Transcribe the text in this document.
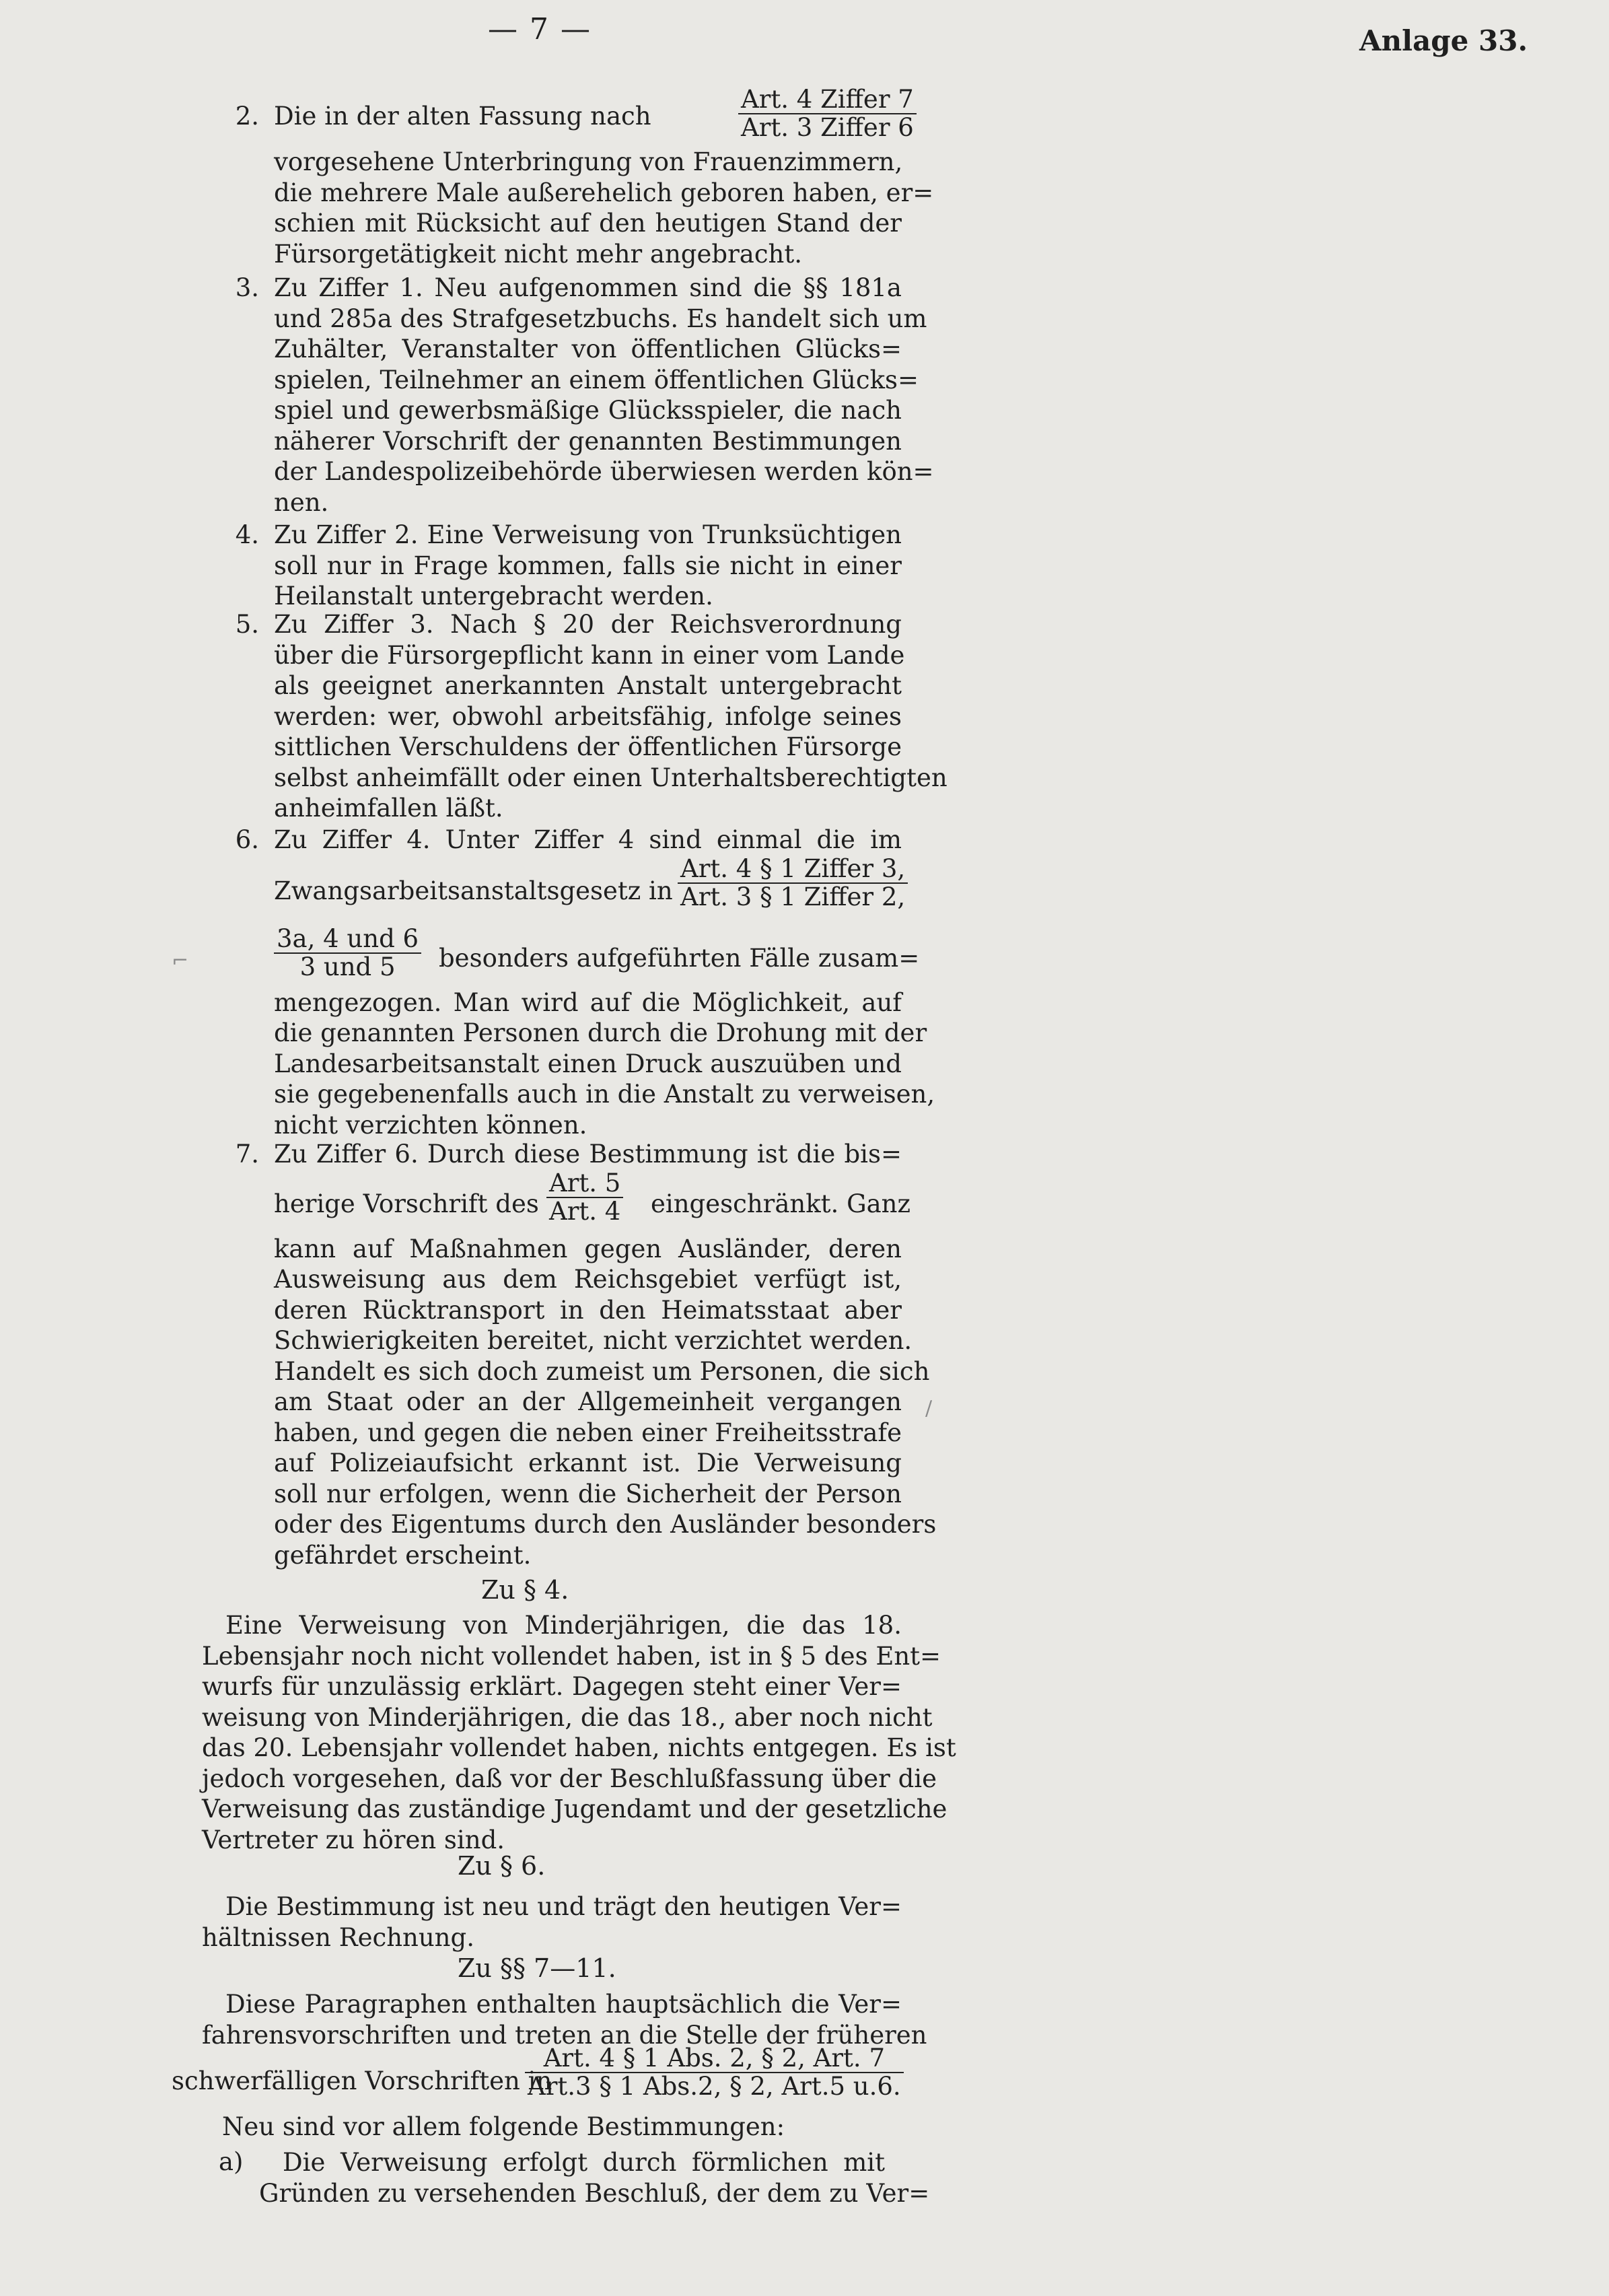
— 7 —	Anlage 33.
2. Die in der alten Fassung nach
Art. 4 Ziffer 7
Art. 3 Ziffer 6
vorgesehene Unterbringung von Frauenzimmern,
die mehrere Male außerehelich geboren haben, er=
schien mit Rücksicht auf den heutigen Stand der
Fürsorgetätigkeit nicht mehr angebracht.
3. Zu Ziffer 1. Neu aufgenommen sind die §§ 181a
und 285a des Strafgesetzbuchs. Es handelt sich um
Zuhälter, Veranstalter von öffentlichen Glücks=
spielen, Teilnehmer an einem öffentlichen Glücks=
spiel und gewerbsmäßige Glücksspieler, die nach
näherer Vorschrift der genannten Bestimmungen
der Landespolizeibehörde überwiesen werden kön=
nen.
4. Zu Ziffer 2. Eine Verweisung von Trunksüchtigen
soll nur in Frage kommen, falls sie nicht in einer
Heilanstalt untergebracht werden.
5. Zu Ziffer 3. Nach § 20 der Reichsverordnung
über die Fürsorgepflicht kann in einer vom Lande
als geeignet anerkannten Anstalt untergebracht
werden: wer, obwohl arbeitsfähig, infolge seines
sittlichen Verschuldens der öffentlichen Fürsorge
selbst anheimfällt oder einen Unterhaltsberechtigten
anheimfallen läßt.
6. Zu Ziffer 4. Unter Ziffer 4 sind einmal die im
Zwangsarbeitsanstaltsgesetz in
Art. 4 § 1 Ziffer 3,
Art. 3 § 1 Ziffer 2,
3a, 4 und 6
3 und 5	besonders aufgeführten Fälle zusam=
mengezogen. Man wird auf die Möglichkeit, auf
die genannten Personen durch die Drohung mit der
Landesarbeitsanstalt einen Druck auszuüben und
sie gegebenenfalls auch in die Anstalt zu verweisen,
nicht verzichten können.
7. Zu Ziffer 6. Durch diese Bestimmung ist die bis=
herige Vorschrift des
Art. 5
Art. 4 eingeschränkt. Ganz
kann auf Maßnahmen gegen Ausländer, deren
Ausweisung aus dem Reichsgebiet verfügt ist,
deren Rücktransport in den Heimatsstaat aber
Schwierigkeiten bereitet, nicht verzichtet werden.
Handelt es sich doch zumeist um Personen, die sich
am Staat oder an der Allgemeinheit vergangen
haben, und gegen die neben einer Freiheitsstrafe
auf Polizeiaufsicht erkannt ist. Die Verweisung
soll nur erfolgen, wenn die Sicherheit der Person
oder des Eigentums durch den Ausländer besonders
gefährdet erscheint.
Zu § 4.
Eine Verweisung von Minderjährigen, die das 18.
Lebensjahr noch nicht vollendet haben, ist in § 5 des Ent=
wurfs für unzulässig erklärt. Dagegen steht einer Ver=
weisung von Minderjährigen, die das 18., aber noch nicht
das 20. Lebensjahr vollendet haben, nichts entgegen. Es ist
jedoch vorgesehen, daß vor der Beschlußfassung über die
Verweisung das zuständige Jugendamt und der gesetzliche
Vertreter zu hören sind.
Zu § 6.
Die Bestimmung ist neu und trägt den heutigen Ver=
hältnissen Rechnung.
Zu §§ 7—11.
Diese Paragraphen enthalten hauptsächlich die Ver=
fahrensvorschriften und treten an die Stelle der früheren
schwerfälligen Vorschriften in
Art. 4 § 1 Abs. 2, § 2, Art. 7
Art.3 § 1 Abs.2, § 2, Art.5 u.6.
Neu sind vor allem folgende Bestimmungen:
a)	Die Verweisung erfolgt durch förmlichen mit
Gründen zu versehenden Beschluß, der dem zu Ver=
⌐
/
